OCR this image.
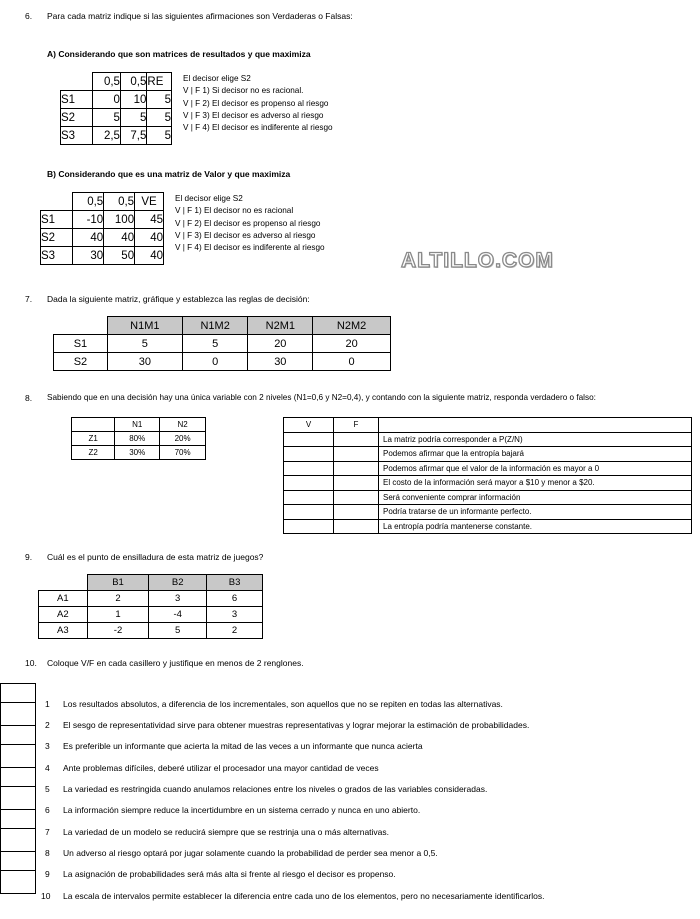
6. Para cada matriz indique si las siguientes afirmaciones son Verdaderas o Falsas:
A) Considerando que son matrices de resultados y que maximiza
	0,5	0,5	RE
S1	0	10	5
S2	5	5	5
S3	2,5	7,5	5
El decisor elige S2
V | F 1) Si decisor no es racional.
V | F 2) El decisor es propenso al riesgo
V | F 3) El decisor es adverso al riesgo
V | F 4) El decisor es indiferente al riesgo
B) Considerando que es una matriz de Valor y que maximiza
	0,5	0,5	VE
S1	-10	100	45
S2	40	40	40
S3	30	50	40
El decisor elige S2
V | F 1) El decisor no es racional
V | F 2) El decisor es propenso al riesgo
V | F 3) El decisor es adverso al riesgo
V | F 4) El decisor es indiferente al riesgo
ALTILLO.COM
7. Dada la siguiente matriz, gráfique y establezca las reglas de decisión:
	N1M1	N1M2	N2M1	N2M2
S1	5	5	20	20
S2	30	0	30	0
8. Sabiendo que en una decisión hay una única variable con 2 niveles (N1=0,6 y N2=0,4), y contando con la siguiente matriz, responda verdadero o falso:
	N1	N2
Z1	80%	20%
Z2	30%	70%
V	F	
		La matriz podría corresponder a P(Z/N)
		Podemos afirmar que la entropía bajará
		Podemos afirmar que el valor de la información es mayor a 0
		El costo de la información será mayor a $10 y menor a $20.
		Será conveniente comprar información
		Podría tratarse de un informante perfecto.
		La entropía podría mantenerse constante.
9. Cuál es el punto de ensilladura de esta matriz de juegos?
	B1	B2	B3
A1	2	3	6
A2	1	-4	3
A3	-2	5	2
10. Coloque V/F en cada casillero y justifique en menos de 2 renglones.
1 Los resultados absolutos, a diferencia de los incrementales, son aquellos que no se repiten en todas las alternativas.
2 El sesgo de representatividad sirve para obtener muestras representativas y lograr mejorar la estimación de probabilidades.
3 Es preferible un informante que acierta la mitad de las veces a un informante que nunca acierta
4 Ante problemas difíciles, deberé utilizar el procesador una mayor cantidad de veces
5 La variedad es restringida cuando anulamos relaciones entre los niveles o grados de las variables consideradas.
6 La información siempre reduce la incertidumbre en un sistema cerrado y nunca en uno abierto.
7 La variedad de un modelo se reducirá siempre que se restrinja una o más alternativas.
8 Un adverso al riesgo optará por jugar solamente cuando la probabilidad de perder sea menor a 0,5.
9 La asignación de probabilidades será más alta si frente al riesgo el decisor es propenso.
10 La escala de intervalos permite establecer la diferencia entre cada uno de los elementos, pero no necesariamente identificarlos.
